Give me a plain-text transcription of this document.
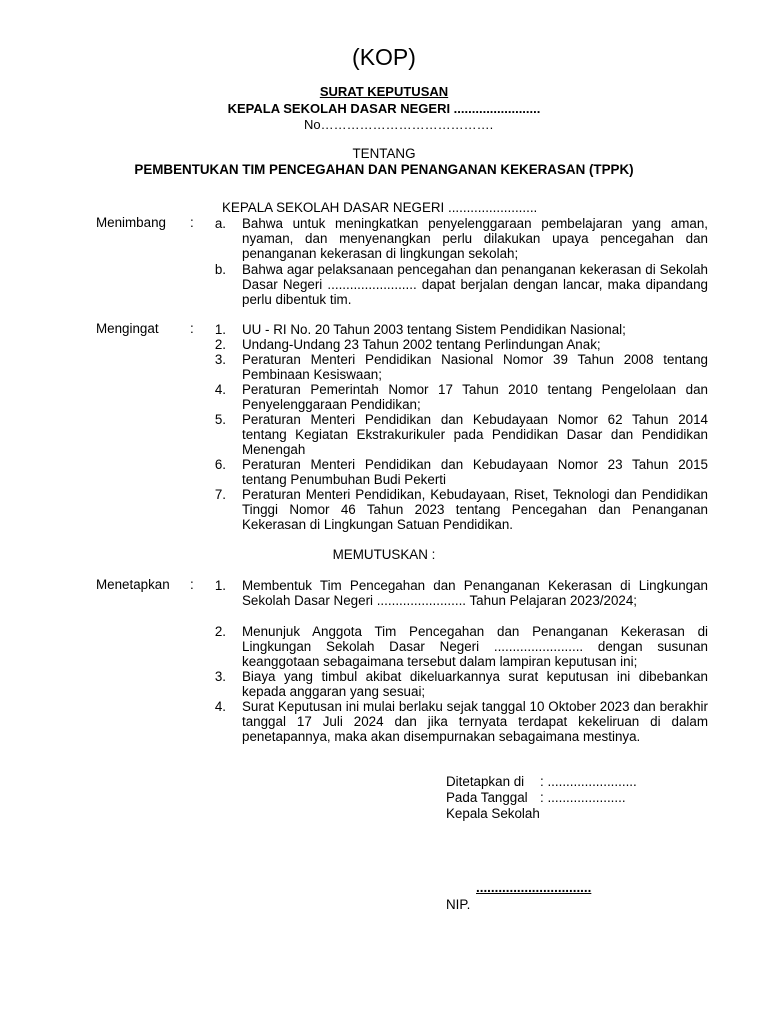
(KOP)
SURAT KEPUTUSAN
KEPALA SEKOLAH DASAR NEGERI ........................
No………………………………….
TENTANG
PEMBENTUKAN TIM PENCEGAHAN DAN PENANGANAN KEKERASAN (TPPK)
KEPALA SEKOLAH DASAR NEGERI ........................
Menimbang	:	a. Bahwa untuk meningkatkan penyelenggaraan pembelajaran yang aman, nyaman, dan menyenangkan perlu dilakukan upaya pencegahan dan penanganan kekerasan di lingkungan sekolah;
b. Bahwa agar pelaksanaan pencegahan dan penanganan kekerasan di Sekolah Dasar Negeri ........................ dapat berjalan dengan lancar, maka dipandang perlu dibentuk tim.
Mengingat	:	1. UU - RI No. 20 Tahun 2003 tentang Sistem Pendidikan Nasional;
2. Undang-Undang 23 Tahun 2002 tentang Perlindungan Anak;
3. Peraturan Menteri Pendidikan Nasional Nomor 39 Tahun 2008 tentang Pembinaan Kesiswaan;
4. Peraturan Pemerintah Nomor 17 Tahun 2010 tentang Pengelolaan dan Penyelenggaraan Pendidikan;
5. Peraturan Menteri Pendidikan dan Kebudayaan Nomor 62 Tahun 2014 tentang Kegiatan Ekstrakurikuler pada Pendidikan Dasar dan Pendidikan Menengah
6. Peraturan Menteri Pendidikan dan Kebudayaan Nomor 23 Tahun 2015 tentang Penumbuhan Budi Pekerti
7. Peraturan Menteri Pendidikan, Kebudayaan, Riset, Teknologi dan Pendidikan Tinggi Nomor 46 Tahun 2023 tentang Pencegahan dan Penanganan Kekerasan di Lingkungan Satuan Pendidikan.
MEMUTUSKAN :
Menetapkan	:	1. Membentuk Tim Pencegahan dan Penanganan Kekerasan di Lingkungan Sekolah Dasar Negeri ........................ Tahun Pelajaran 2023/2024;
2. Menunjuk Anggota Tim Pencegahan dan Penanganan Kekerasan di Lingkungan Sekolah Dasar Negeri ........................ dengan susunan keanggotaan sebagaimana tersebut dalam lampiran keputusan ini;
3. Biaya yang timbul akibat dikeluarkannya surat keputusan ini dibebankan kepada anggaran yang sesuai;
4. Surat Keputusan ini mulai berlaku sejak tanggal 10 Oktober 2023 dan berakhir tanggal 17 Juli 2024 dan jika ternyata terdapat kekeliruan di dalam penetapannya, maka akan disempurnakan sebagaimana mestinya.
Ditetapkan di : ........................
Pada Tanggal : .....................
Kepala Sekolah
...............................
NIP.
